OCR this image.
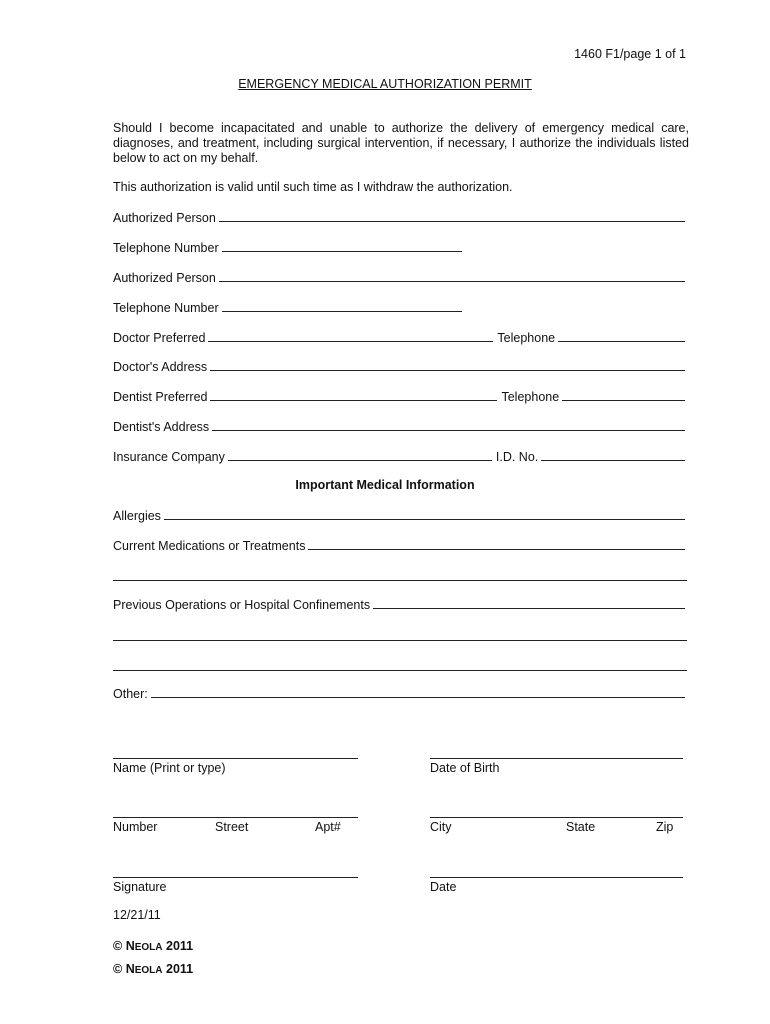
1460 F1/page 1 of 1
EMERGENCY MEDICAL AUTHORIZATION PERMIT
Should I become incapacitated and unable to authorize the delivery of emergency medical care, diagnoses, and treatment, including surgical intervention, if necessary, I authorize the individuals listed below to act on my behalf.
This authorization is valid until such time as I withdraw the authorization.
Authorized Person
Telephone Number
Authorized Person
Telephone Number
Doctor Preferred	Telephone
Doctor's Address
Dentist Preferred	Telephone
Dentist's Address
Insurance Company	I.D. No.
Important Medical Information
Allergies
Current Medications or Treatments
Previous Operations or Hospital Confinements
Other:
Name (Print or type)	Date of Birth
Number	Street	Apt#	City	State	Zip
Signature	Date
12/21/11
© NEOLA 2011
© NEOLA 2011
